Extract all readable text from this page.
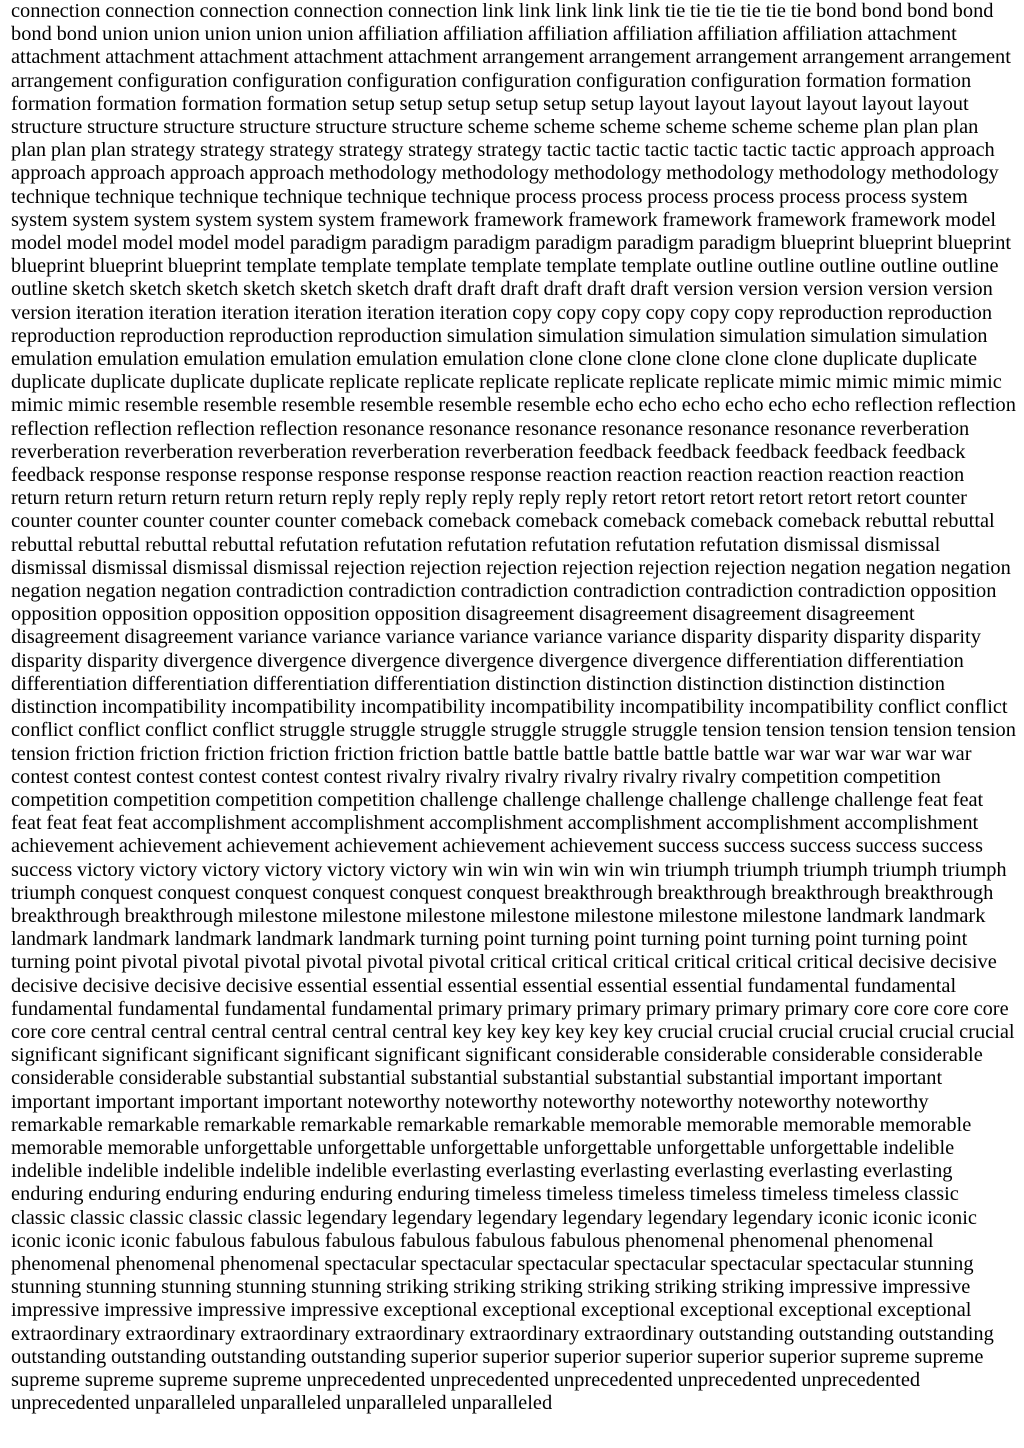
connection connection connection connection connection link link link link link tie tie tie tie tie tie bond bond bond bond bond bond union union union union union affiliation affiliation affiliation affiliation affiliation affiliation attachment attachment attachment attachment attachment attachment arrangement arrangement arrangement arrangement arrangement arrangement configuration configuration configuration configuration configuration configuration formation formation formation formation formation formation setup setup setup setup setup setup layout layout layout layout layout layout structure structure structure structure structure structure scheme scheme scheme scheme scheme scheme plan plan plan plan plan plan strategy strategy strategy strategy strategy strategy tactic tactic tactic tactic tactic tactic approach approach approach approach approach approach methodology methodology methodology methodology methodology methodology technique technique technique technique technique technique process process process process process process system system system system system system system framework framework framework framework framework framework model model model model model model paradigm paradigm paradigm paradigm paradigm paradigm blueprint blueprint blueprint blueprint blueprint blueprint template template template template template template outline outline outline outline outline outline sketch sketch sketch sketch sketch sketch draft draft draft draft draft draft version version version version version version iteration iteration iteration iteration iteration iteration copy copy copy copy copy copy reproduction reproduction reproduction reproduction reproduction reproduction simulation simulation simulation simulation simulation simulation emulation emulation emulation emulation emulation emulation clone clone clone clone clone clone duplicate duplicate duplicate duplicate duplicate duplicate replicate replicate replicate replicate replicate replicate mimic mimic mimic mimic mimic mimic resemble resemble resemble resemble resemble resemble echo echo echo echo echo echo reflection reflection reflection reflection reflection reflection resonance resonance resonance resonance resonance resonance reverberation reverberation reverberation reverberation reverberation reverberation feedback feedback feedback feedback feedback feedback response response response response response response reaction reaction reaction reaction reaction reaction return return return return return return reply reply reply reply reply reply retort retort retort retort retort retort counter counter counter counter counter counter comeback comeback comeback comeback comeback comeback rebuttal rebuttal rebuttal rebuttal rebuttal rebuttal refutation refutation refutation refutation refutation refutation dismissal dismissal dismissal dismissal dismissal dismissal rejection rejection rejection rejection rejection rejection negation negation negation negation negation negation contradiction contradiction contradiction contradiction contradiction contradiction opposition opposition opposition opposition opposition opposition disagreement disagreement disagreement disagreement disagreement disagreement variance variance variance variance variance variance disparity disparity disparity disparity disparity disparity divergence divergence divergence divergence divergence divergence differentiation differentiation differentiation differentiation differentiation differentiation distinction distinction distinction distinction distinction distinction incompatibility incompatibility incompatibility incompatibility incompatibility incompatibility conflict conflict conflict conflict conflict conflict struggle struggle struggle struggle struggle struggle tension tension tension tension tension tension friction friction friction friction friction friction battle battle battle battle battle battle war war war war war war contest contest contest contest contest contest rivalry rivalry rivalry rivalry rivalry rivalry competition competition competition competition competition competition challenge challenge challenge challenge challenge challenge feat feat feat feat feat feat accomplishment accomplishment accomplishment accomplishment accomplishment accomplishment achievement achievement achievement achievement achievement achievement success success success success success success victory victory victory victory victory victory win win win win win win triumph triumph triumph triumph triumph triumph conquest conquest conquest conquest conquest conquest breakthrough breakthrough breakthrough breakthrough breakthrough breakthrough milestone milestone milestone milestone milestone milestone milestone landmark landmark landmark landmark landmark landmark landmark turning point turning point turning point turning point turning point turning point pivotal pivotal pivotal pivotal pivotal pivotal critical critical critical critical critical critical decisive decisive decisive decisive decisive decisive essential essential essential essential essential essential fundamental fundamental fundamental fundamental fundamental fundamental primary primary primary primary primary primary core core core core core core central central central central central central key key key key key key crucial crucial crucial crucial crucial crucial significant significant significant significant significant significant considerable considerable considerable considerable considerable considerable substantial substantial substantial substantial substantial substantial important important important important important important noteworthy noteworthy noteworthy noteworthy noteworthy noteworthy remarkable remarkable remarkable remarkable remarkable remarkable memorable memorable memorable memorable memorable memorable unforgettable unforgettable unforgettable unforgettable unforgettable unforgettable indelible indelible indelible indelible indelible indelible everlasting everlasting everlasting everlasting everlasting everlasting enduring enduring enduring enduring enduring enduring timeless timeless timeless timeless timeless timeless classic classic classic classic classic classic legendary legendary legendary legendary legendary legendary iconic iconic iconic iconic iconic iconic fabulous fabulous fabulous fabulous fabulous fabulous phenomenal phenomenal phenomenal phenomenal phenomenal phenomenal spectacular spectacular spectacular spectacular spectacular spectacular stunning stunning stunning stunning stunning stunning striking striking striking striking striking striking impressive impressive impressive impressive impressive impressive exceptional exceptional exceptional exceptional exceptional exceptional extraordinary extraordinary extraordinary extraordinary extraordinary extraordinary outstanding outstanding outstanding outstanding outstanding outstanding outstanding superior superior superior superior superior superior supreme supreme supreme supreme supreme supreme unprecedented unprecedented unprecedented unprecedented unprecedented unprecedented unparalleled unparalleled unparalleled unparalleled
